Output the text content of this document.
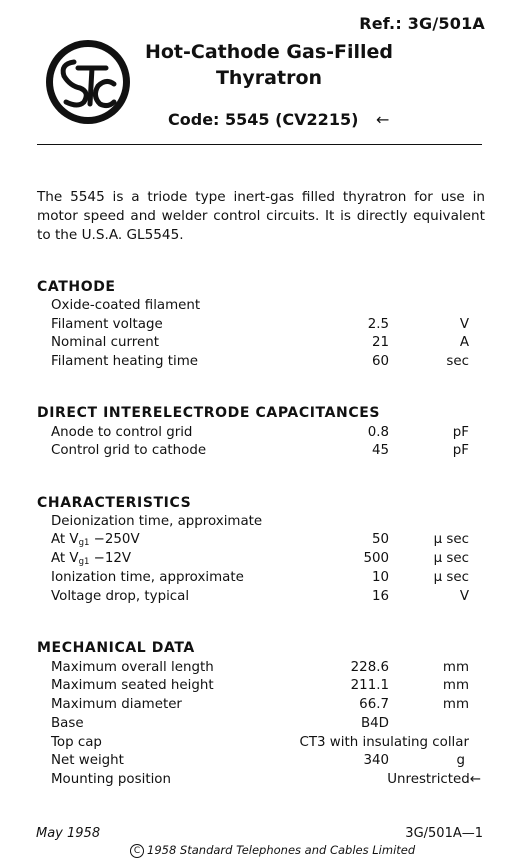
Ref.: 3G/501A
Hot-Cathode Gas-Filled
Thyratron
Code: 5545 (CV2215) ←
The 5545 is a triode type inert-gas filled thyratron for use in motor speed and welder control circuits. It is directly equivalent to the U.S.A. GL5545.
CATHODE
Oxide-coated filament
Filament voltage	2.5	V
Nominal current	21	A
Filament heating time	60	sec
DIRECT INTERELECTRODE CAPACITANCES
Anode to control grid	0.8	pF
Control grid to cathode	45	pF
CHARACTERISTICS
Deionization time, approximate
At $V_{g1} -250V$	50	μ sec
At $V_{g1} -12V$	500	μ sec
Ionization time, approximate	10	μ sec
Voltage drop, typical	16	V
MECHANICAL DATA
Maximum overall length	228.6	mm
Maximum seated height	211.1	mm
Maximum diameter	66.7	mm
Base	B4D
Top cap	CT3 with insulating collar
Net weight	340	g
Mounting position	Unrestricted←
May 1958	3G/501A—1
C 1958 Standard Telephones and Cables Limited
